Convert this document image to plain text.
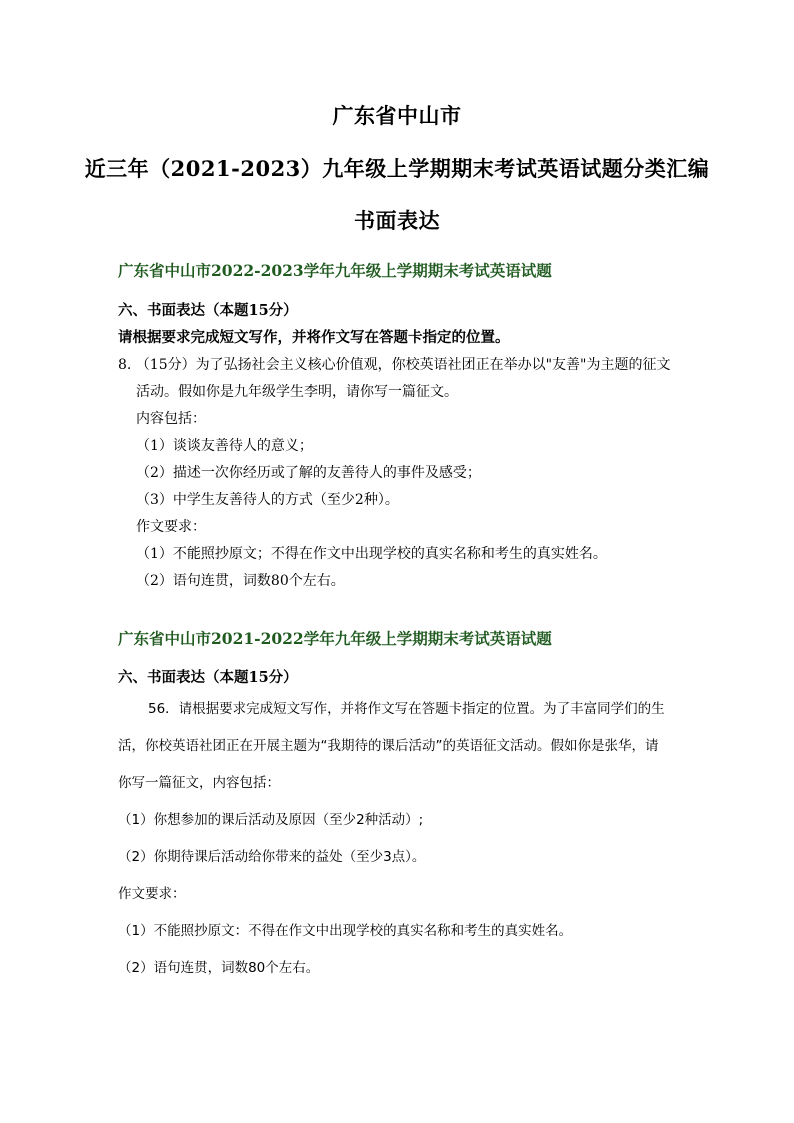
广东省中山市
近三年（2021-2023）九年级上学期期末考试英语试题分类汇编
书面表达
广东省中山市2022-2023学年九年级上学期期末考试英语试题
六、书面表达（本题15分）
请根据要求完成短文写作，并将作文写在答题卡指定的位置。
8. （15分）为了弘扬社会主义核心价值观，你校英语社团正在举办以"友善"为主题的征文
活动。假如你是九年级学生李明，请你写一篇征文。
内容包括：
（1）谈谈友善待人的意义；
（2）描述一次你经历或了解的友善待人的事件及感受；
（3）中学生友善待人的方式（至少2种）。
作文要求：
（1）不能照抄原文；不得在作文中出现学校的真实名称和考生的真实姓名。
（2）语句连贯，词数80个左右。
广东省中山市2021-2022学年九年级上学期期末考试英语试题
六、书面表达（本题15分）
56．请根据要求完成短文写作，并将作文写在答题卡指定的位置。为了丰富同学们的生
活，你校英语社团正在开展主题为“我期待的课后活动”的英语征文活动。假如你是张华，请
你写一篇征文，内容包括：
（1）你想参加的课后活动及原因（至少2种活动）;
（2）你期待课后活动给你带来的益处（至少3点）。
作文要求：
（1）不能照抄原文：不得在作文中出现学校的真实名称和考生的真实姓名。
（2）语句连贯，词数80个左右。
